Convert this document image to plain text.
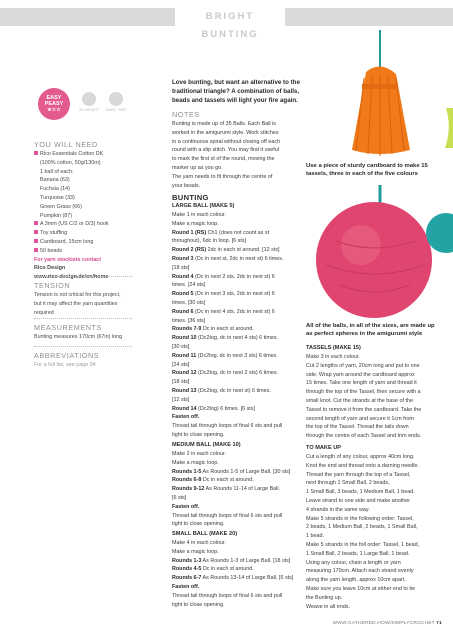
BRIGHT BUNTING
EASY PEASY
★☆☆	3/5 WEIGHT	MAKE TIME
YOU WILL NEED
Rico Essentials Cotton DK
(100% cotton, 50g/130m)
1 ball of each:
Banana (63)
Fuchsia (14)
Turquoise (33)
Green Grass (66)
Pumpkin (87)
A 3mm (US C/2 or D/3) hook
Toy stuffing
Cardboard, 15cm long
50 beads
For yarn stockists contact
Rico Design
www.rico-design.de/en/home
TENSION
Tension is not critical for this project,
but it may affect the yarn quantities
required
MEASUREMENTS
Bunting measures 170cm (67in) long
ABBREVIATIONS
For a full list, see page 94
Love bunting, but want an alternative to the
traditional triangle? A combination of balls,
beads and tassels will light your fire again.
NOTES
Bunting is made up of 35 Balls. Each Ball is
worked in the amigurumi style. Work stitches
in a continuous spiral without closing off each
round with a slip stitch. You may find it useful
to mark the first st of the round, moving the
marker up as you go.
The yarn needs to fit through the centre of
your beads.
BUNTING
LARGE BALL (MAKE 5)
Make 1 in each colour.
Make a magic loop.
Round 1 (RS) Ch1 (does not count as st
throughout), 6dc in loop. [6 sts]
Round 2 (RS) 2dc in each st around. [12 sts]
Round 3 (Dc in next st, 2dc in next st) 6 times.
[18 sts]
Round 4 (Dc in next 2 sts, 2dc in next st) 6
times. [24 sts]
Round 5 (Dc in next 3 sts, 2dc in next st) 6
times. [30 sts]
Round 6 (Dc in next 4 sts, 2dc in next st) 6
times. [36 sts]
Rounds 7-9 Dc in each st around.
Round 10 (Dc2tog, dc in next 4 sts) 6 times.
[30 sts]
Round 11 (Dc2tog, dc in next 3 sts) 6 times.
[24 sts]
Round 12 (Dc2tog, dc in next 2 sts) 6 times.
[18 sts]
Round 13 (Dc2tog, dc in next st) 6 times.
[12 sts]
Round 14 (Dc2tog) 6 times. [6 sts]
Fasten off.
Thread tail through loops of final 6 sts and pull
tight to close opening.
MEDIUM BALL (MAKE 10)
Make 2 in each colour.
Make a magic loop.
Rounds 1-5 As Rounds 1-5 of Large Ball. [30 sts]
Rounds 6-8 Dc in each st around.
Rounds 9-12 As Rounds 11-14 of Large Ball.
[6 sts]
Fasten off.
Thread tail through loops of final 6 sts and pull
tight to close opening.
SMALL BALL (MAKE 20)
Make 4 in each colour.
Make a magic loop.
Rounds 1-3 As Rounds 1-3 of Large Ball. [18 sts]
Rounds 4-5 Dc in each st around.
Rounds 6-7 As Rounds 13-14 of Large Ball. [6 sts]
Fasten off.
Thread tail through loops of final 6 sts and pull
tight to close opening.
Use a piece of sturdy cardboard to make 15
tassels, three in each of the five colours
All of the balls, in all of the sizes, are made up
as perfect spheres in the amigurumi style
TASSELS (MAKE 15)
Make 3 in each colour.
Cut 2 lengths of yarn, 20cm long and put to one
side. Wrap yarn around the cardboard approx
15 times. Take one length of yarn and thread it
through the top of the Tassel, then secure with a
small knot. Cut the strands at the base of the
Tassel to remove it from the cardboard. Take the
second length of yarn and secure it 1cm from
the top of the Tassel. Thread the tails down
through the centre of each Tassel and trim ends.
TO MAKE UP
Cut a length of any colour, approx 40cm long.
Knot the end and thread onto a darning needle.
Thread the yarn through the top of a Tassel,
next through 1 Small Ball, 2 beads,
1 Small Ball, 3 beads, 1 Medium Ball, 1 bead.
Leave strand to one side and make another
4 strands in the same way.
Make 5 strands in the following order: Tassel,
2 beads, 1 Medium Ball, 2 beads, 1 Small Ball,
1 bead.
Make 5 strands in the foll order: Tassel, 1 bead,
1 Small Ball, 2 beads, 1 Large Ball, 1 bead.
Using any colour, chain a length or yarn
measuring 170cm. Attach each strand evenly
along the yarn length, approx 10cm apart.
Make sure you leave 10cm at either end to tie
the Bunting up.
Weave in all ends.
WWW.GATHERED.HOW/SIMPLYCROCHET 71
